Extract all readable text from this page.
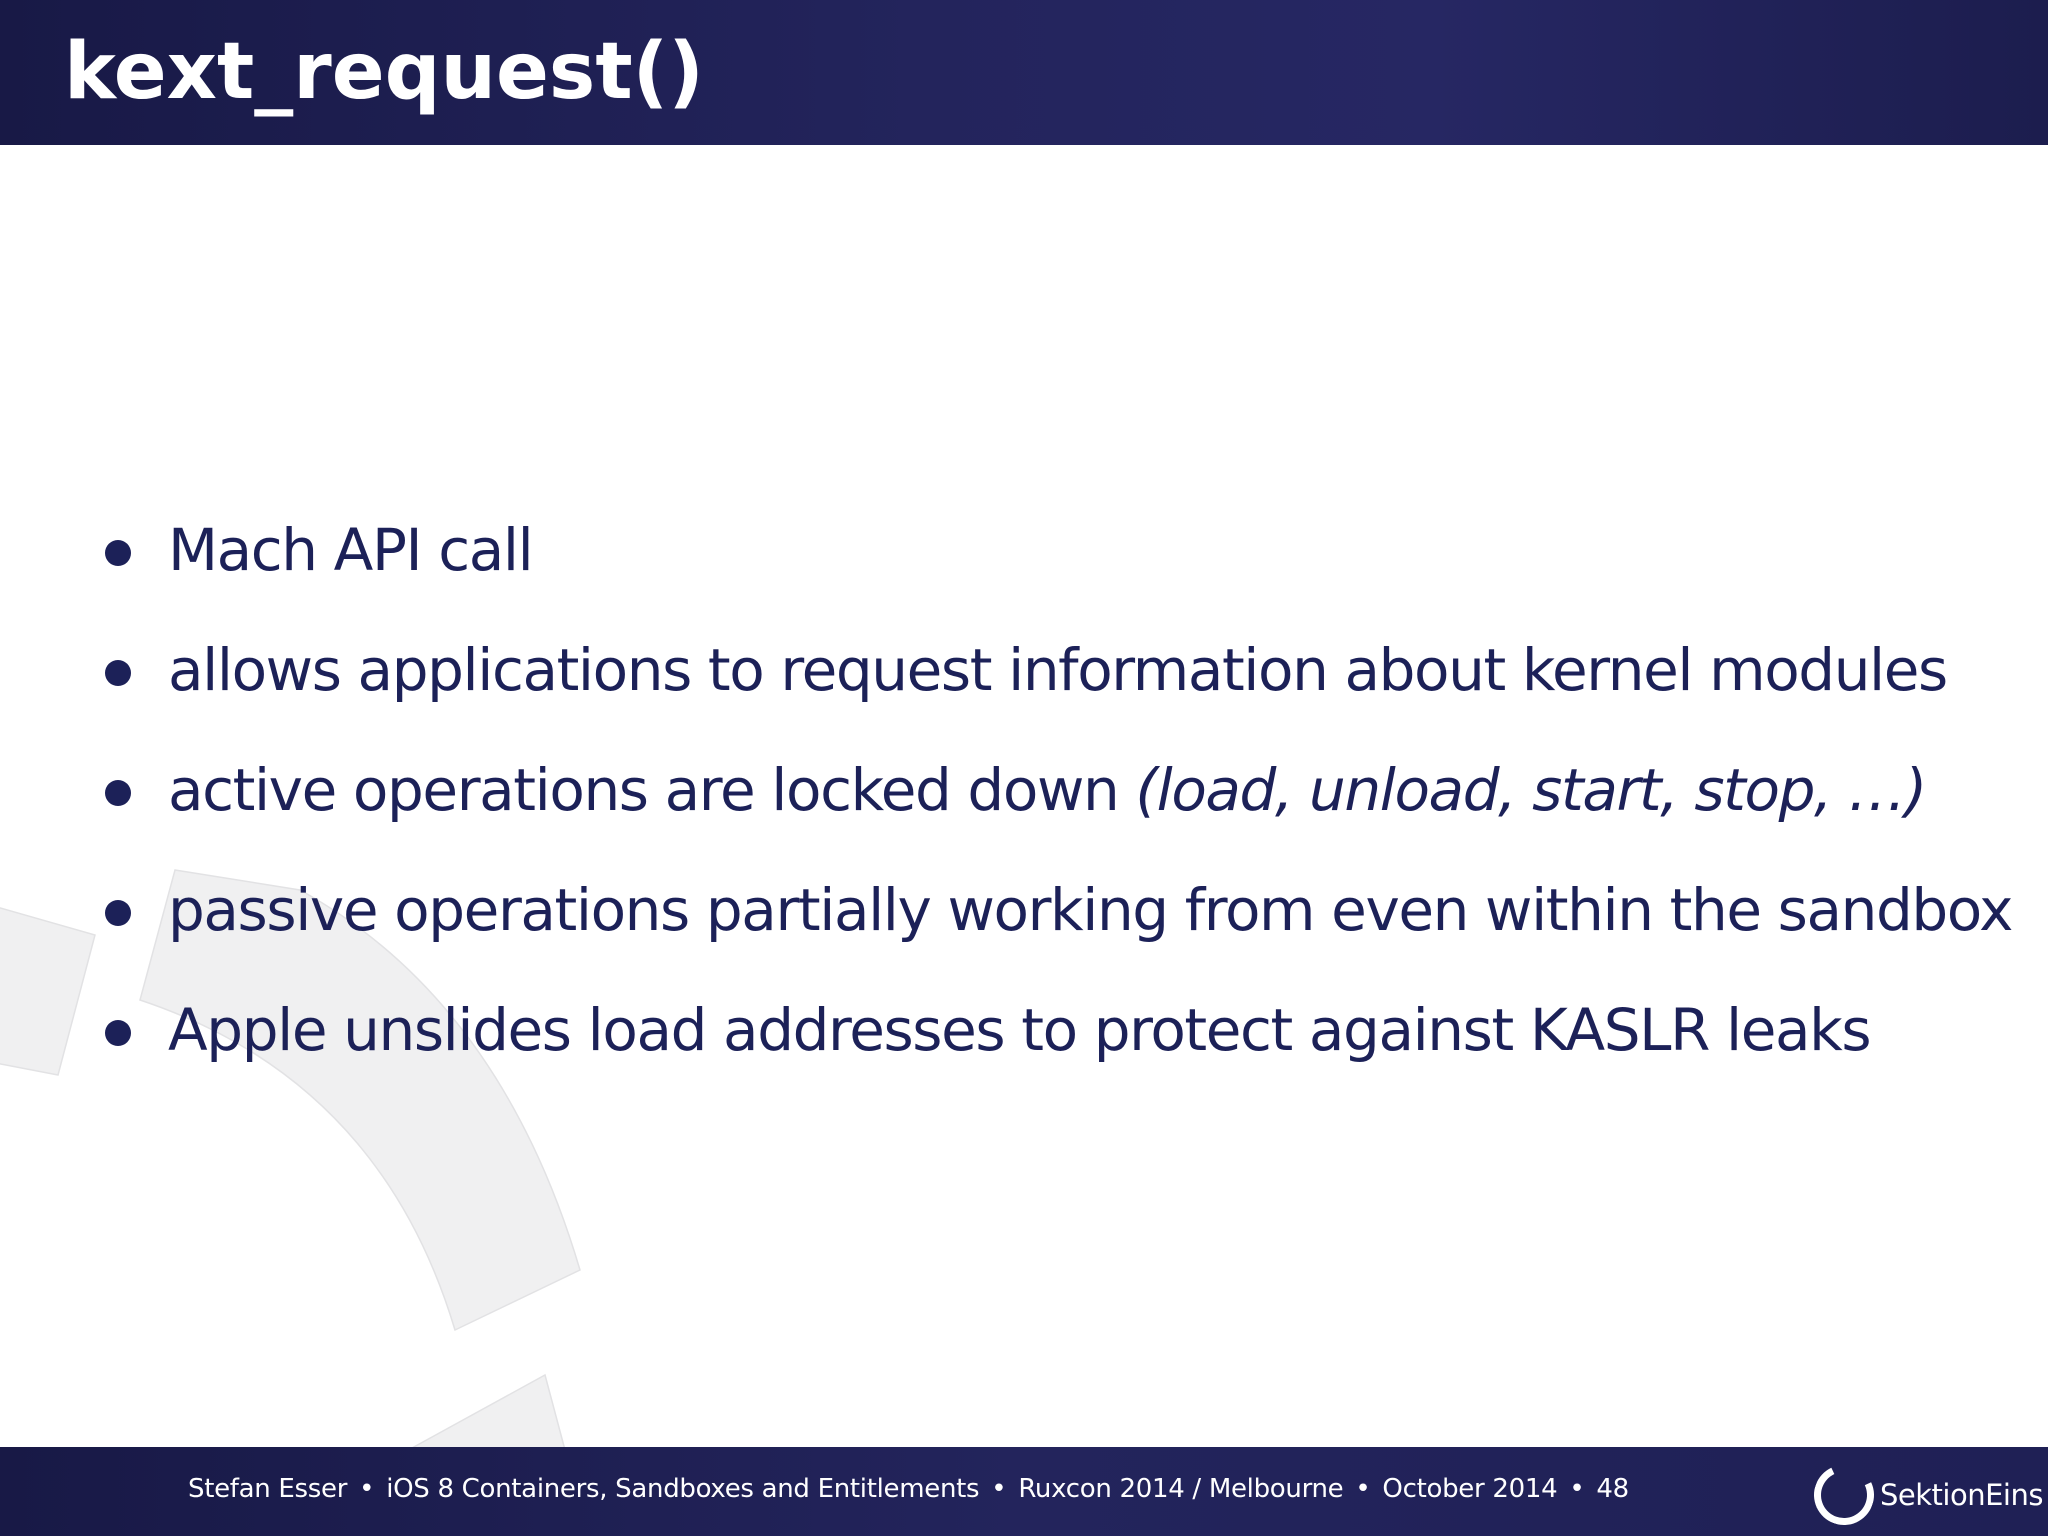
kext_request()
Mach API call
allows applications to request information about kernel modules
active operations are locked down (load, unload, start, stop, …)
passive operations partially working from even within the sandbox
Apple unslides load addresses to protect against KASLR leaks
Stefan Esser • iOS 8 Containers, Sandboxes and Entitlements • Ruxcon 2014 / Melbourne • October 2014 • 48	SektionEins
